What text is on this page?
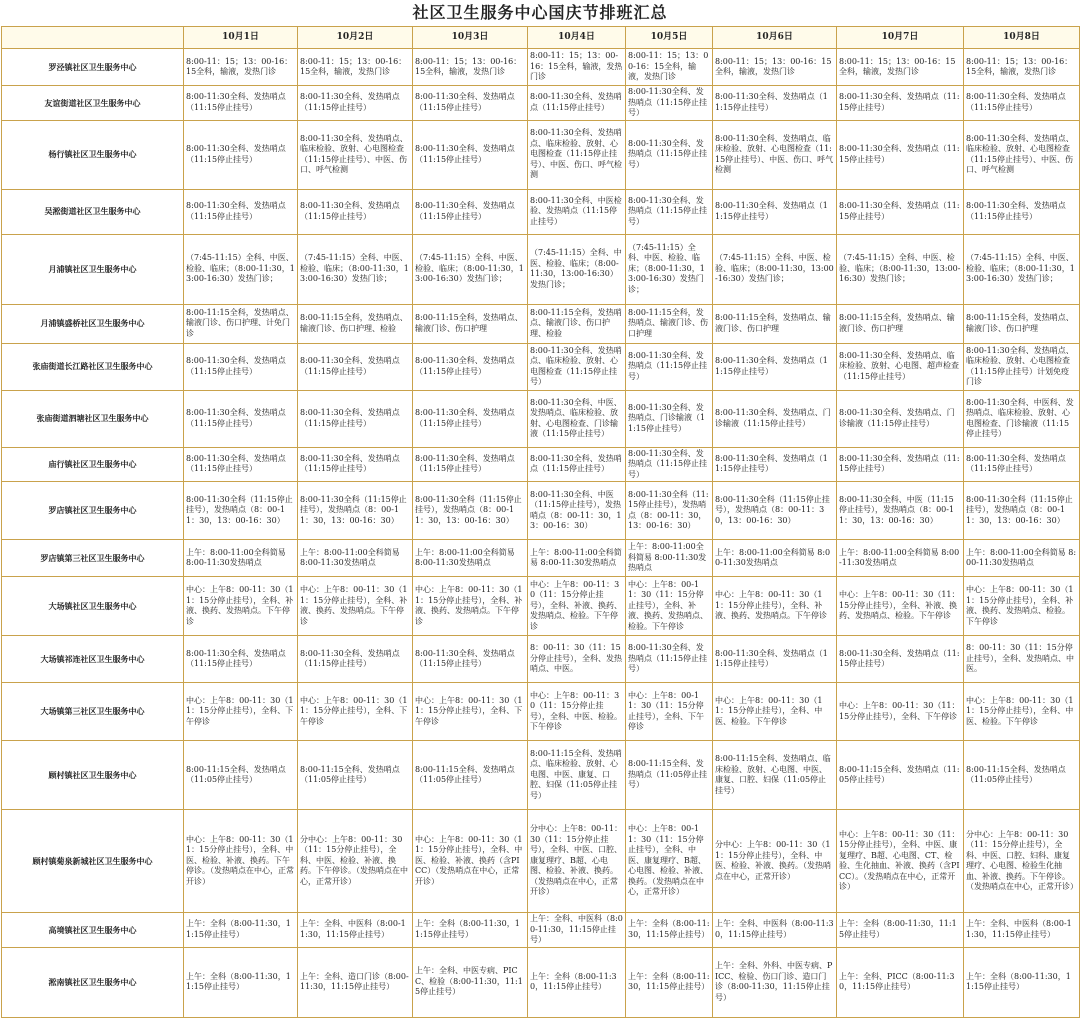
社区卫生服务中心国庆节排班汇总
	10月1日	10月2日	10月3日	10月4日	10月5日	10月6日	10月7日	10月8日
罗泾镇社区卫生服务中心	8:00-11：15；13：00-16：15全科，输液，发热门诊	8:00-11：15；13：00-16：15全科，输液，发热门诊	8:00-11：15；13：00-16：15全科，输液，发热门诊	8:00-11：15；13：00-16：15全科，输液，发热门诊	8:00-11：15；13：00-16：15全科，输液，发热门诊	8:00-11：15；13：00-16：15全科，输液，发热门诊	8:00-11：15；13：00-16：15全科，输液，发热门诊	8:00-11：15；13：00-16：15全科，输液，发热门诊
友谊街道社区卫生服务中心	8:00-11:30全科、发热哨点（11:15停止挂号）	8:00-11:30全科、发热哨点（11:15停止挂号）	8:00-11:30全科、发热哨点（11:15停止挂号）	8:00-11:30全科、发热哨点（11:15停止挂号）	8:00-11:30全科、发热哨点（11:15停止挂号）	8:00-11:30全科、发热哨点（11:15停止挂号）	8:00-11:30全科、发热哨点（11:15停止挂号）	8:00-11:30全科、发热哨点（11:15停止挂号）
杨行镇社区卫生服务中心	8:00-11:30全科、发热哨点（11:15停止挂号）	8:00-11:30全科、发热哨点、临床检验、放射、心电图检查（11:15停止挂号）、中医、伤口、呼气检测	8:00-11:30全科、发热哨点（11:15停止挂号）	8:00-11:30全科、发热哨点、临床检验、放射、心电图检查（11:15停止挂号）、中医、伤口、呼气检测	8:00-11:30全科、发热哨点（11:15停止挂号）	8:00-11:30全科、发热哨点、临床检验、放射、心电图检查（11:15停止挂号）、中医、伤口、呼气检测	8:00-11:30全科、发热哨点（11:15停止挂号）	8:00-11:30全科、发热哨点、临床检验、放射、心电图检查（11:15停止挂号）、中医、伤口、呼气检测
吴淞街道社区卫生服务中心	8:00-11:30全科、发热哨点（11:15停止挂号）	8:00-11:30全科、发热哨点（11:15停止挂号）	8:00-11:30全科、发热哨点（11:15停止挂号）	8:00-11:30全科、中医检验、发热哨点（11:15停止挂号）	8:00-11:30全科、发热哨点（11:15停止挂号）	8:00-11:30全科、发热哨点（11:15停止挂号）	8:00-11:30全科、发热哨点（11:15停止挂号）	8:00-11:30全科、发热哨点（11:15停止挂号）
月浦镇社区卫生服务中心	（7:45-11:15）全科、中医、检验、临床；（8:00-11:30，13:00-16:30）发热门诊；	（7:45-11:15）全科、中医、检验、临床；（8:00-11:30，13:00-16:30）发热门诊；	（7:45-11:15）全科、中医、检验、临床；（8:00-11:30，13:00-16:30）发热门诊；	（7:45-11:15）全科、中医、检验、临床；（8:00-11:30，13:00-16:30）发热门诊；	（7:45-11:15）全科、中医、检验、临床；（8:00-11:30，13:00-16:30）发热门诊；	（7:45-11:15）全科、中医、检验、临床；（8:00-11:30，13:00-16:30）发热门诊；	（7:45-11:15）全科、中医、检验、临床；（8:00-11:30，13:00-16:30）发热门诊；	（7:45-11:15）全科、中医、检验、临床；（8:00-11:30，13:00-16:30）发热门诊；
月浦镇盛桥社区卫生服务中心	8:00-11:15全科，发热哨点、输液门诊、伤口护理、计免门诊	8:00-11:15全科，发热哨点、输液门诊、伤口护理、检验	8:00-11:15全科，发热哨点、输液门诊、伤口护理	8:00-11:15全科，发热哨点、输液门诊、伤口护理、检验	8:00-11:15全科，发热哨点、输液门诊、伤口护理	8:00-11:15全科，发热哨点、输液门诊、伤口护理	8:00-11:15全科，发热哨点、输液门诊、伤口护理	8:00-11:15全科，发热哨点、输液门诊、伤口护理
张庙街道长江路社区卫生服务中心	8:00-11:30全科、发热哨点（11:15停止挂号）	8:00-11:30全科、发热哨点（11:15停止挂号）	8:00-11:30全科、发热哨点（11:15停止挂号）	8:00-11:30全科、发热哨点、临床检验、放射、心电图检查（11:15停止挂号）	8:00-11:30全科、发热哨点（11:15停止挂号）	8:00-11:30全科、发热哨点（11:15停止挂号）	8:00-11:30全科、发热哨点、临床检验、放射、心电图、超声检查（11:15停止挂号）	8:00-11:30全科、发热哨点、临床检验、放射、心电图检查（11:15停止挂号）计划免疫门诊
张庙街道泗塘社区卫生服务中心	8:00-11:30全科、发热哨点（11:15停止挂号）	8:00-11:30全科、发热哨点（11:15停止挂号）	8:00-11:30全科、发热哨点（11:15停止挂号）	8:00-11:30全科、中医、发热哨点、临床检验、放射、心电图检查、门诊输液（11:15停止挂号）	8:00-11:30全科、发热哨点、门诊输液（11:15停止挂号）	8:00-11:30全科、发热哨点、门诊输液（11:15停止挂号）	8:00-11:30全科、发热哨点、门诊输液（11:15停止挂号）	8:00-11:30全科、中医科、发热哨点、临床检验、放射、心电图检查、门诊输液（11:15停止挂号）
庙行镇社区卫生服务中心	8:00-11:30全科、发热哨点（11:15停止挂号）	8:00-11:30全科、发热哨点（11:15停止挂号）	8:00-11:30全科、发热哨点（11:15停止挂号）	8:00-11:30全科、发热哨点（11:15停止挂号）	8:00-11:30全科、发热哨点（11:15停止挂号）	8:00-11:30全科、发热哨点（11:15停止挂号）	8:00-11:30全科、发热哨点（11:15停止挂号）	8:00-11:30全科、发热哨点（11:15停止挂号）
罗店镇社区卫生服务中心	8:00-11:30全科（11:15停止挂号），发热哨点（8：00-11：30，13：00-16：30）	8:00-11:30全科（11:15停止挂号），发热哨点（8：00-11：30，13：00-16：30）	8:00-11:30全科（11:15停止挂号），发热哨点（8：00-11：30，13：00-16：30）	8:00-11:30全科、中医（11:15停止挂号），发热哨点（8：00-11：30，13：00-16：30）	8:00-11:30全科（11:15停止挂号），发热哨点（8：00-11：30，13：00-16：30）	8:00-11:30全科（11:15停止挂号），发热哨点（8：00-11：30，13：00-16：30）	8:00-11:30全科、中医（11:15停止挂号），发热哨点（8：00-11：30，13：00-16：30）	8:00-11:30全科（11:15停止挂号），发热哨点（8：00-11：30，13：00-16：30）
罗店镇第三社区卫生服务中心	上午：8:00-11:00全科简易 8:00-11:30发热哨点	上午：8:00-11:00全科简易 8:00-11:30发热哨点	上午：8:00-11:00全科简易 8:00-11:30发热哨点	上午：8:00-11:00全科简易 8:00-11:30发热哨点	上午：8:00-11:00全科简易 8:00-11:30发热哨点	上午：8:00-11:00全科简易 8:00-11:30发热哨点	上午：8:00-11:00全科简易 8:00-11:30发热哨点	上午：8:00-11:00全科简易 8:00-11:30发热哨点
大场镇社区卫生服务中心	中心：上午8：00-11：30（11：15分停止挂号），全科、补液、换药、发热哨点。下午停诊	中心：上午8：00-11：30（11：15分停止挂号），全科、补液、换药、发热哨点。下午停诊	中心：上午8：00-11：30（11：15分停止挂号），全科、补液、换药、发热哨点。下午停诊	中心：上午8：00-11：30（11：15分停止挂号），全科、补液、换药、发热哨点、检验。下午停诊	中心：上午8：00-11：30（11：15分停止挂号），全科、补液、换药、发热哨点、检验。下午停诊	中心：上午8：00-11：30（11：15分停止挂号），全科、补液、换药、发热哨点。下午停诊	中心：上午8：00-11：30（11：15分停止挂号），全科、补液、换药、发热哨点、检验。下午停诊	中心：上午8：00-11：30（11：15分停止挂号），全科、补液、换药、发热哨点、检验。下午停诊
大场镇祁连社区卫生服务中心	8:00-11:30全科、发热哨点（11:15停止挂号）	8:00-11:30全科、发热哨点（11:15停止挂号）	8:00-11:30全科、发热哨点（11:15停止挂号）	8：00-11：30（11：15分停止挂号），全科、发热哨点、中医。	8:00-11:30全科、发热哨点（11:15停止挂号）	8:00-11:30全科、发热哨点（11:15停止挂号）	8:00-11:30全科、发热哨点（11:15停止挂号）	8：00-11：30（11：15分停止挂号），全科、发热哨点、中医。
大场镇第三社区卫生服务中心	中心：上午8：00-11：30（11：15分停止挂号），全科、下午停诊	中心：上午8：00-11：30（11：15分停止挂号），全科、下午停诊	中心：上午8：00-11：30（11：15分停止挂号），全科、下午停诊	中心：上午8：00-11：30（11：15分停止挂号），全科、中医、检验。下午停诊	中心：上午8：00-11：30（11：15分停止挂号），全科、下午停诊	中心：上午8：00-11：30（11：15分停止挂号），全科、中医、检验。下午停诊	中心：上午8：00-11：30（11：15分停止挂号），全科、下午停诊	中心：上午8：00-11：30（11：15分停止挂号），全科、中医、检验。下午停诊
顾村镇社区卫生服务中心	8:00-11:15全科、发热哨点（11:05停止挂号）	8:00-11:15全科、发热哨点（11:05停止挂号）	8:00-11:15全科、发热哨点（11:05停止挂号）	8:00-11:15全科、发热哨点、临床检验、放射、心电图、中医、康复、口腔、妇保（11:05停止挂号）	8:00-11:15全科、发热哨点（11:05停止挂号）	8:00-11:15全科、发热哨点、临床检验、放射、心电图、中医、康复、口腔、妇保（11:05停止挂号）	8:00-11:15全科、发热哨点（11:05停止挂号）	8:00-11:15全科、发热哨点（11:05停止挂号）
顾村镇菊泉新城社区卫生服务中心	中心：上午8：00-11：30（11：15分停止挂号），全科、中医、检验、补液、换药。下午停诊。（发热哨点在中心，正常开诊）	分中心：上午8：00-11：30（11：15分停止挂号），全科、中医、检验、补液、换药。下午停诊。（发热哨点在中心，正常开诊）	中心：上午8：00-11：30（11：15分停止挂号），全科、中医、检验、补液、换药（含PICC）（发热哨点在中心，正常开诊）	分中心：上午8：00-11：30（11：15分停止挂号），全科、中医、口腔、康复理疗、B超、心电图、检验、补液、换药。（发热哨点在中心，正常开诊）	中心：上午8：00-11：30（11：15分停止挂号），全科、中医、康复理疗、B超、心电图、检验、补液、换药。（发热哨点在中心，正常开诊）	分中心：上午8：00-11：30（11：15分停止挂号），全科、中医、检验、补液、换药。（发热哨点在中心，正常开诊）	中心：上午8：00-11：30（11：15分停止挂号），全科、中医、康复理疗、B超、心电图、CT、检验、生化抽血、补液、换药（含PICC）。（发热哨点在中心，正常开诊）	分中心：上午8：00-11：30（11：15分停止挂号），全科、中医、口腔、妇科、康复理疗、心电图、检验生化抽血、补液、换药。下午停诊。（发热哨点在中心，正常开诊）
高境镇社区卫生服务中心	上午：全科（8:00-11:30，11:15停止挂号）	上午：全科、中医科（8:00-11:30，11:15停止挂号）	上午：全科（8:00-11:30，11:15停止挂号）	上午：全科、中医科（8:00-11:30，11:15停止挂号）	上午：全科（8:00-11:30，11:15停止挂号）	上午：全科、中医科（8:00-11:30，11:15停止挂号）	上午：全科（8:00-11:30，11:15停止挂号）	上午：全科、中医科（8:00-11:30，11:15停止挂号）
淞南镇社区卫生服务中心	上午：全科（8:00-11:30，11:15停止挂号）	上午：全科、造口门诊（8:00-11:30，11:15停止挂号）	上午：全科、中医专病、PICC、检验（8:00-11:30，11:15停止挂号）	上午：全科（8:00-11:30，11:15停止挂号）	上午：全科（8:00-11:30，11:15停止挂号）	上午：全科、外科、中医专病、PICC、检验、伤口门诊、造口门诊（8:00-11:30，11:15停止挂号）	上午：全科、PICC（8:00-11:30，11:15停止挂号）	上午：全科（8:00-11:30，11:15停止挂号）
